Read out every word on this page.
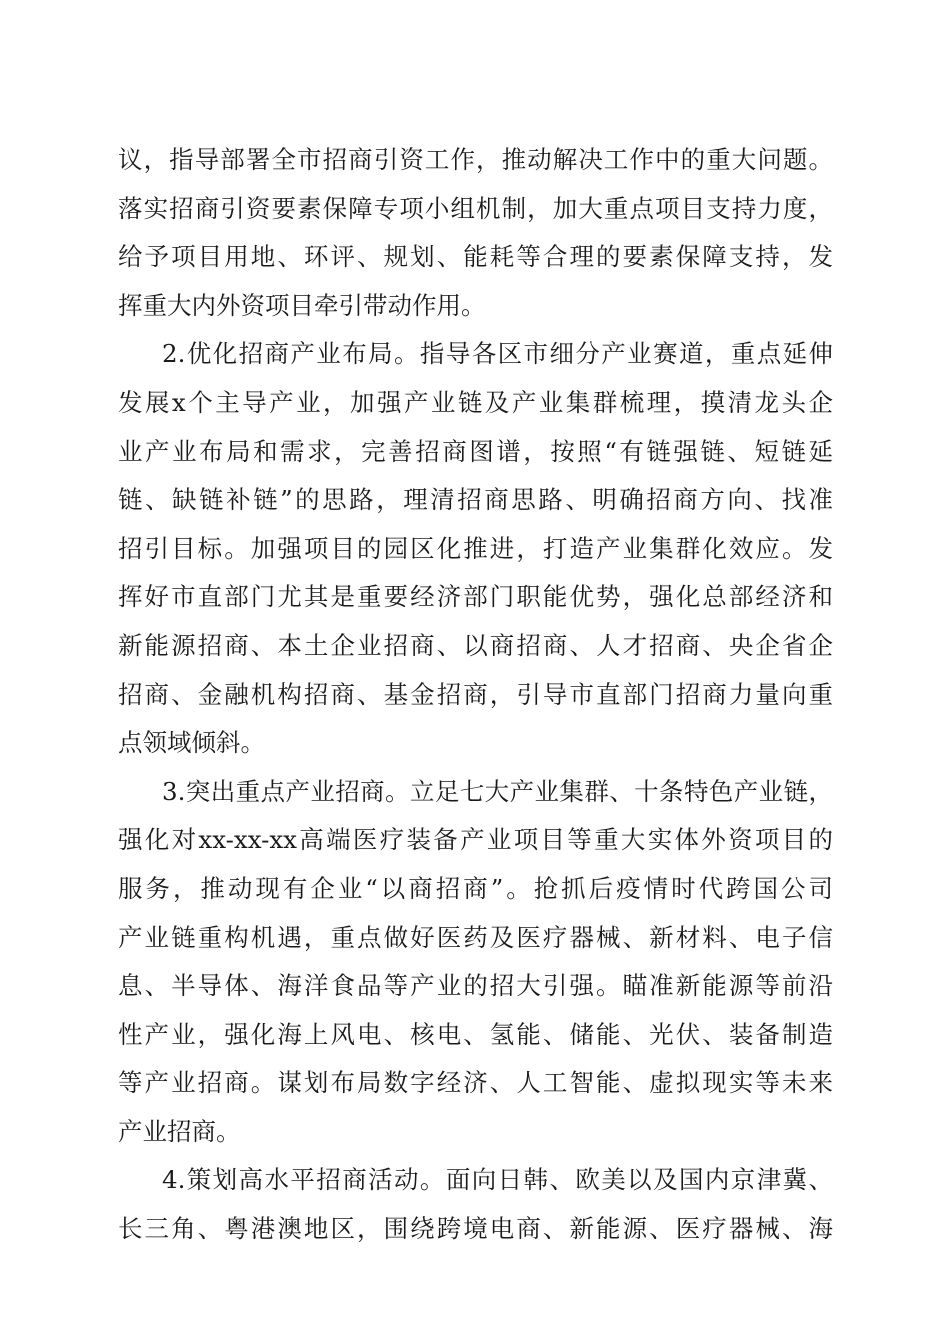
议，指导部署全市招商引资工作，推动解决工作中的重大问题。
落实招商引资要素保障专项小组机制，加大重点项目支持力度，
给予项目用地、环评、规划、能耗等合理的要素保障支持，发
挥重大内外资项目牵引带动作用。
2.优化招商产业布局。指导各区市细分产业赛道，重点延伸
发展x个主导产业，加强产业链及产业集群梳理，摸清龙头企
业产业布局和需求，完善招商图谱，按照“有链强链、短链延
链、缺链补链”的思路，理清招商思路、明确招商方向、找准
招引目标。加强项目的园区化推进，打造产业集群化效应。发
挥好市直部门尤其是重要经济部门职能优势，强化总部经济和
新能源招商、本土企业招商、以商招商、人才招商、央企省企
招商、金融机构招商、基金招商，引导市直部门招商力量向重
点领域倾斜。
3.突出重点产业招商。立足七大产业集群、十条特色产业链，
强化对xx-xx-xx高端医疗装备产业项目等重大实体外资项目的
服务，推动现有企业“以商招商”。抢抓后疫情时代跨国公司
产业链重构机遇，重点做好医药及医疗器械、新材料、电子信
息、半导体、海洋食品等产业的招大引强。瞄准新能源等前沿
性产业，强化海上风电、核电、氢能、储能、光伏、装备制造
等产业招商。谋划布局数字经济、人工智能、虚拟现实等未来
产业招商。
4.策划高水平招商活动。面向日韩、欧美以及国内京津冀、
长三角、粤港澳地区，围绕跨境电商、新能源、医疗器械、海
